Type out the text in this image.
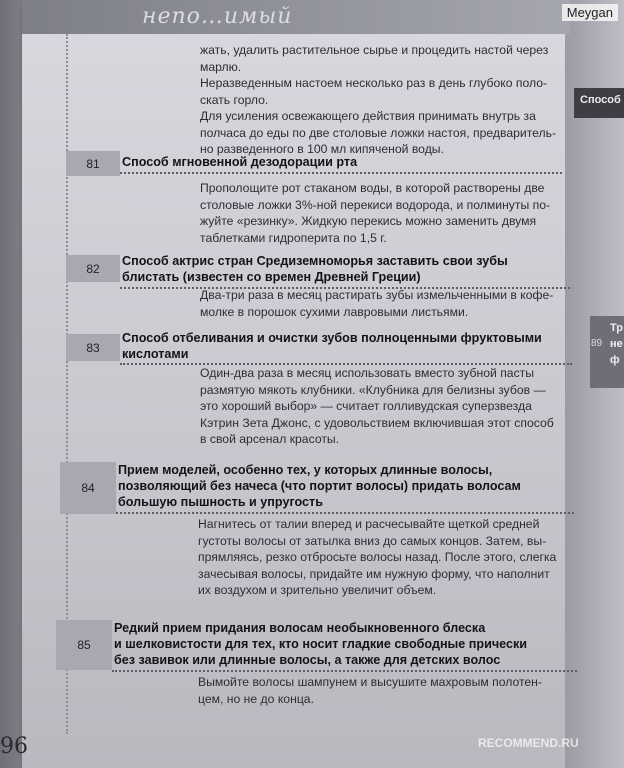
непо…имый	Meygan
жать, удалить растительное сырье и процедить настой через
марлю.
Неразведенным настоем несколько раз в день глубоко поло-
скать горло.
Для усиления освежающего действия принимать внутрь за
полчаса до еды по две столовые ложки настоя, предваритель-
но разведенного в 100 мл кипяченой воды.
81	Способ мгновенной дезодорации рта
Прополощите рот стаканом воды, в которой растворены две
столовые ложки 3%-ной перекиси водорода, и полминуты по-
жуйте «резинку». Жидкую перекись можно заменить двумя
таблетками гидроперита по 1,5 г.
82
Способ актрис стран Средиземноморья заставить свои зубы
блистать (известен со времен Древней Греции)
Два-три раза в месяц растирать зубы измельченными в кофе-
молке в порошок сухими лавровыми листьями.
83
Способ отбеливания и очистки зубов полноценными фруктовыми
кислотами
Один-два раза в месяц использовать вместо зубной пасты
размятую мякоть клубники. «Клубника для белизны зубов —
это хороший выбор» — считает голливудская суперзвезда
Кэтрин Зета Джонс, с удовольствием включившая этот способ
в свой арсенал красоты.
84
Прием моделей, особенно тех, у которых длинные волосы,
позволяющий без начеса (что портит волосы) придать волосам
большую пышность и упругость
Нагнитесь от талии вперед и расчесывайте щеткой средней
густоты волосы от затылка вниз до самых концов. Затем, вы-
прямляясь, резко отбросьте волосы назад. После этого, слегка
зачесывая волосы, придайте им нужную форму, что наполнит
их воздухом и зрительно увеличит объем.
85
Редкий прием придания волосам необыкновенного блеска
и шелковистости для тех, кто носит гладкие свободные прически
без завивок или длинные волосы, а также для детских волос
Вымойте волосы шампунем и высушите махровым полотен-
цем, но не до конца.
Способ
Тр
не
ф
89
96	RECOMMEND.RU
